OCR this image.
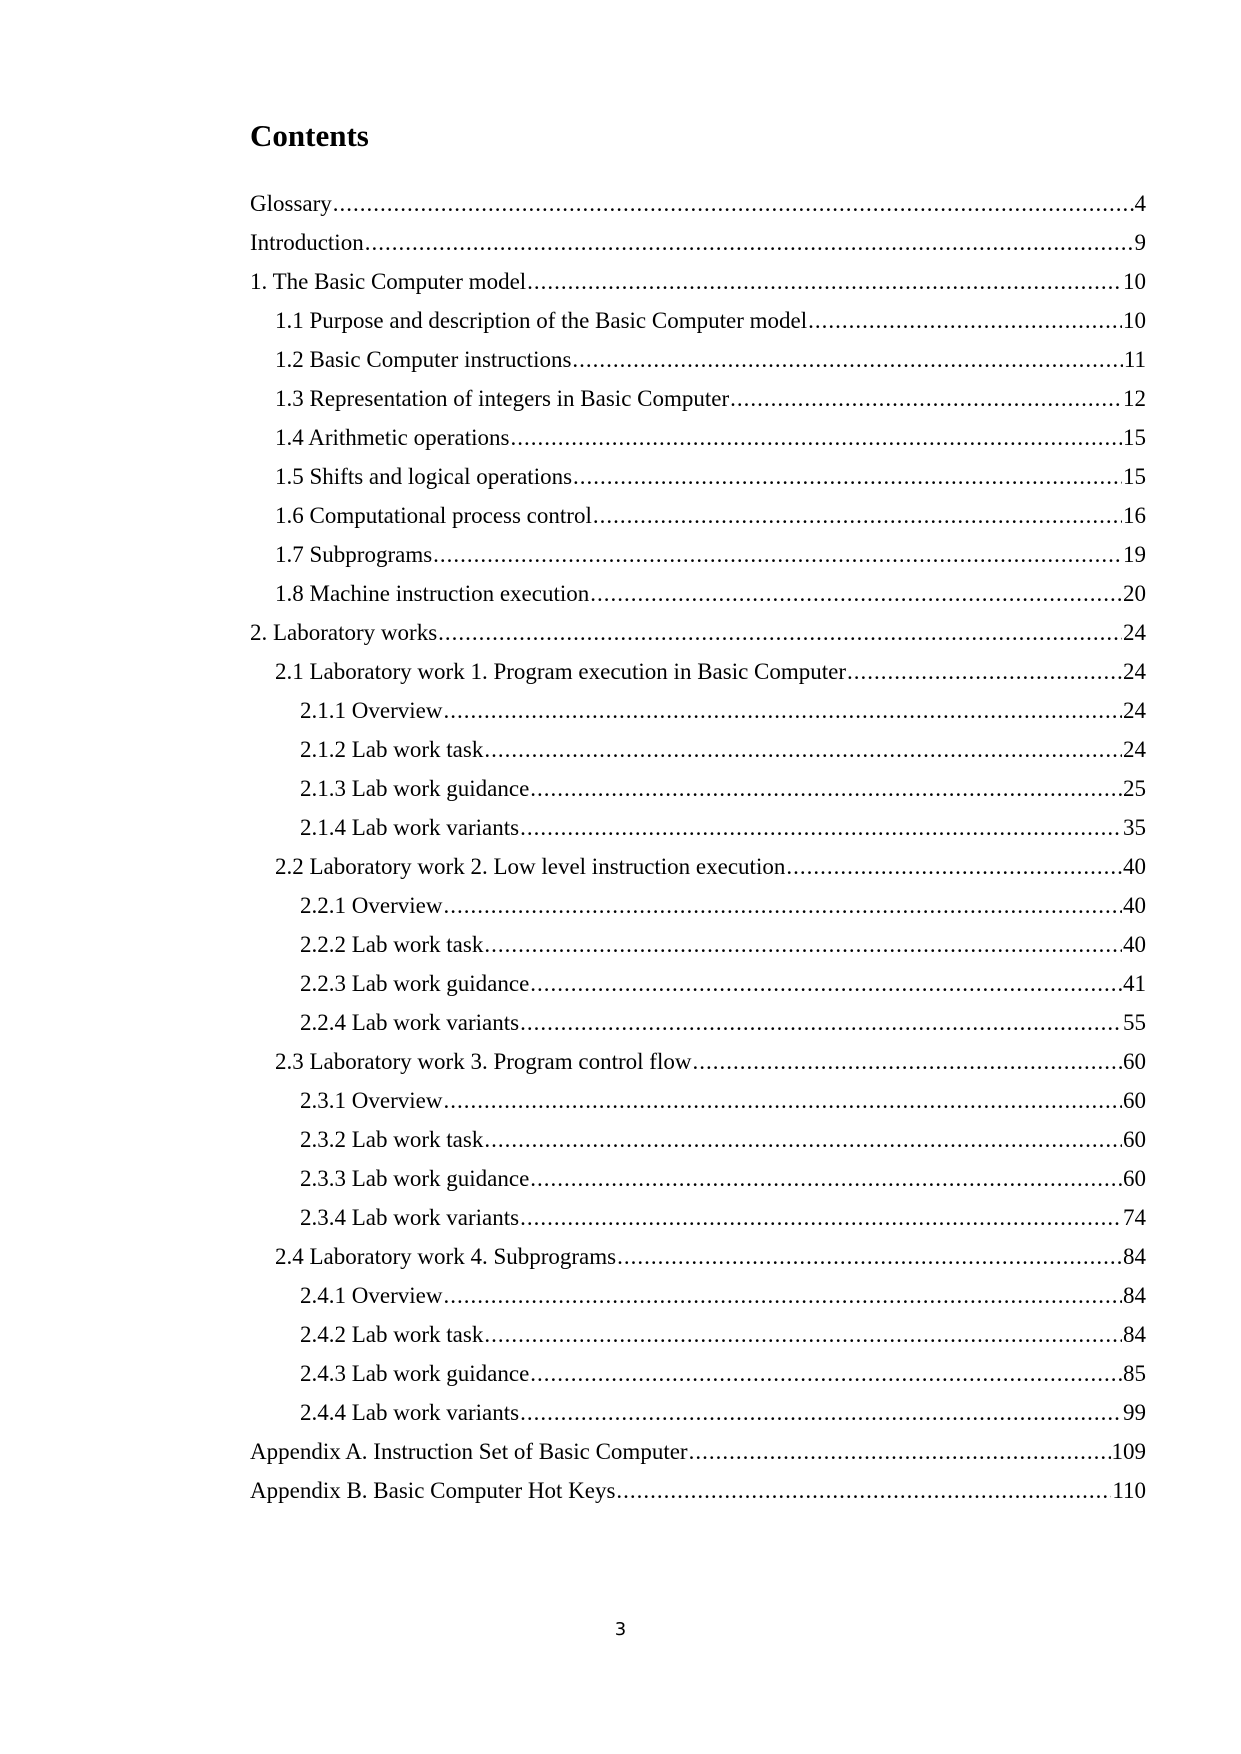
Contents
Glossary .....	4
Introduction .....	9
1. The Basic Computer model .....	10
1.1 Purpose and description of the Basic Computer model .....	10
1.2 Basic Computer instructions .....	11
1.3 Representation of integers in Basic Computer .....	12
1.4 Arithmetic operations .....	15
1.5 Shifts and logical operations .....	15
1.6 Computational process control .....	16
1.7 Subprograms .....	19
1.8 Machine instruction execution .....	20
2. Laboratory works .....	24
2.1 Laboratory work 1. Program execution in Basic Computer .....	24
2.1.1 Overview .....	24
2.1.2 Lab work task .....	24
2.1.3 Lab work guidance .....	25
2.1.4 Lab work variants .....	35
2.2 Laboratory work 2. Low level instruction execution .....	40
2.2.1 Overview .....	40
2.2.2 Lab work task .....	40
2.2.3 Lab work guidance .....	41
2.2.4 Lab work variants .....	55
2.3 Laboratory work 3. Program control flow .....	60
2.3.1 Overview .....	60
2.3.2 Lab work task .....	60
2.3.3 Lab work guidance .....	60
2.3.4 Lab work variants .....	74
2.4 Laboratory work 4. Subprograms .....	84
2.4.1 Overview .....	84
2.4.2 Lab work task .....	84
2.4.3 Lab work guidance .....	85
2.4.4 Lab work variants .....	99
Appendix A. Instruction Set of Basic Computer .....	109
Appendix B. Basic Computer Hot Keys .....	110
3
